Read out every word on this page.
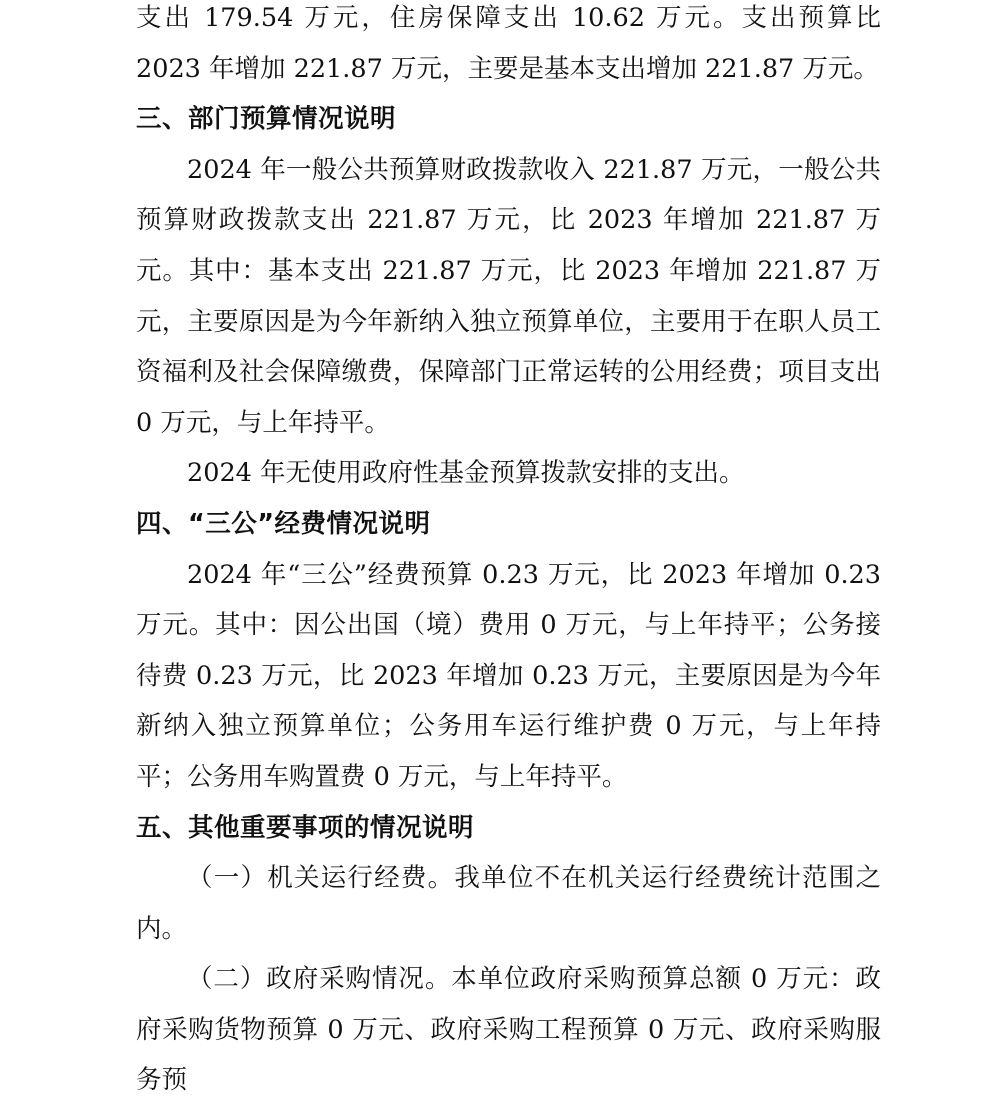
支出 179.54 万元，住房保障支出 10.62 万元。支出预算比 2023 年增加 221.87 万元，主要是基本支出增加 221.87 万元。

三、部门预算情况说明

2024 年一般公共预算财政拨款收入 221.87 万元，一般公共预算财政拨款支出 221.87 万元，比 2023 年增加 221.87 万元。其中：基本支出 221.87 万元，比 2023 年增加 221.87 万元，主要原因是为今年新纳入独立预算单位，主要用于在职人员工资福利及社会保障缴费，保障部门正常运转的公用经费；项目支出 0 万元，与上年持平。

2024 年无使用政府性基金预算拨款安排的支出。

四、“三公”经费情况说明

2024 年“三公”经费预算 0.23 万元，比 2023 年增加 0.23 万元。其中：因公出国（境）费用 0 万元，与上年持平；公务接待费 0.23 万元，比 2023 年增加 0.23 万元，主要原因是为今年新纳入独立预算单位；公务用车运行维护费 0 万元，与上年持平；公务用车购置费 0 万元，与上年持平。

五、其他重要事项的情况说明

（一）机关运行经费。我单位不在机关运行经费统计范围之内。

（二）政府采购情况。本单位政府采购预算总额 0 万元：政府采购货物预算 0 万元、政府采购工程预算 0 万元、政府采购服务预
